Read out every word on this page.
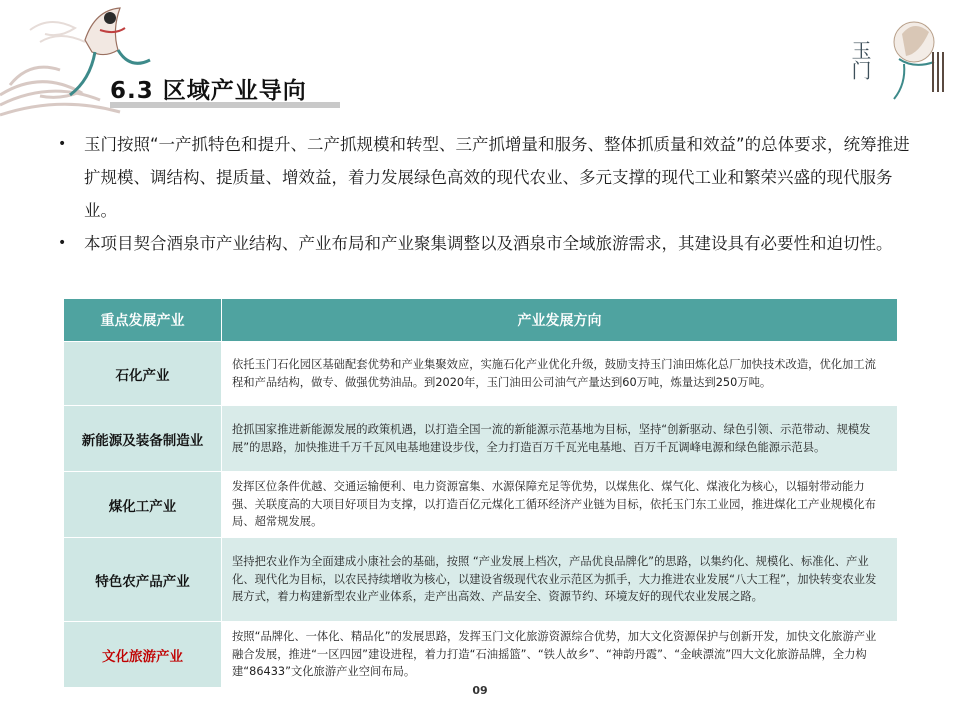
玉门
6.3 区域产业导向
• 玉门按照“一产抓特色和提升、二产抓规模和转型、三产抓增量和服务、整体抓质量和效益”的总体要求，统筹推进扩规模、调结构、提质量、增效益，着力发展绿色高效的现代农业、多元支撑的现代工业和繁荣兴盛的现代服务业。
• 本项目契合酒泉市产业结构、产业布局和产业聚集调整以及酒泉市全域旅游需求，其建设具有必要性和迫切性。
重点发展产业	产业发展方向
石化产业	依托玉门石化园区基础配套优势和产业集聚效应，实施石化产业优化升级，鼓励支持玉门油田炼化总厂加快技术改造，优化加工流程和产品结构，做专、做强优势油品。到2020年，玉门油田公司油气产量达到60万吨，炼量达到250万吨。
新能源及装备制造业	抢抓国家推进新能源发展的政策机遇，以打造全国一流的新能源示范基地为目标，坚持“创新驱动、绿色引领、示范带动、规模发展”的思路，加快推进千万千瓦风电基地建设步伐，全力打造百万千瓦光电基地、百万千瓦调峰电源和绿色能源示范县。
煤化工产业	发挥区位条件优越、交通运输便利、电力资源富集、水源保障充足等优势，以煤焦化、煤气化、煤液化为核心，以辐射带动能力强、关联度高的大项目好项目为支撑，以打造百亿元煤化工循环经济产业链为目标，依托玉门东工业园，推进煤化工产业规模化布局、超常规发展。
特色农产品产业	坚持把农业作为全面建成小康社会的基础，按照 “产业发展上档次，产品优良品牌化”的思路，以集约化、规模化、标准化、产业化、现代化为目标，以农民持续增收为核心，以建设省级现代农业示范区为抓手，大力推进农业发展“八大工程”，加快转变农业发展方式，着力构建新型农业产业体系，走产出高效、产品安全、资源节约、环境友好的现代农业发展之路。
文化旅游产业	按照“品牌化、一体化、精品化”的发展思路，发挥玉门文化旅游资源综合优势，加大文化资源保护与创新开发，加快文化旅游产业融合发展，推进“一区四园”建设进程，着力打造“石油摇篮”、“铁人故乡”、“神韵丹霞”、“金峡漂流”四大文化旅游品牌，全力构建“86433”文化旅游产业空间布局。
09
